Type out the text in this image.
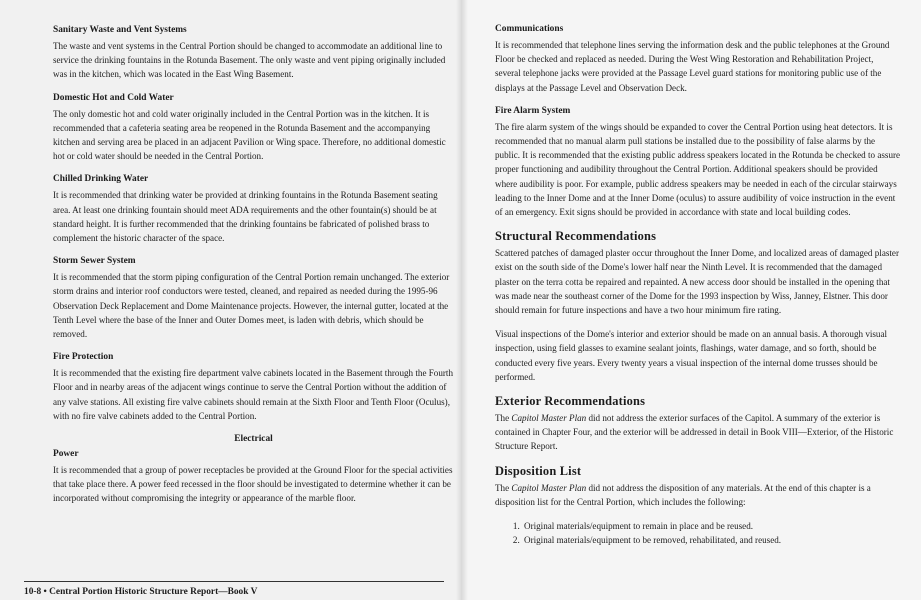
Sanitary Waste and Vent Systems

The waste and vent systems in the Central Portion should be changed to accommodate an additional line to service the drinking fountains in the Rotunda Basement. The only waste and vent piping originally included was in the kitchen, which was located in the East Wing Basement.

Domestic Hot and Cold Water

The only domestic hot and cold water originally included in the Central Portion was in the kitchen. It is recommended that a cafeteria seating area be reopened in the Rotunda Basement and the accompanying kitchen and serving area be placed in an adjacent Pavilion or Wing space. Therefore, no additional domestic hot or cold water should be needed in the Central Portion.

Chilled Drinking Water

It is recommended that drinking water be provided at drinking fountains in the Rotunda Basement seating area. At least one drinking fountain should meet ADA requirements and the other fountain(s) should be at standard height. It is further recommended that the drinking fountains be fabricated of polished brass to complement the historic character of the space.

Storm Sewer System

It is recommended that the storm piping configuration of the Central Portion remain unchanged. The exterior storm drains and interior roof conductors were tested, cleaned, and repaired as needed during the 1995-96 Observation Deck Replacement and Dome Maintenance projects. However, the internal gutter, located at the Tenth Level where the base of the Inner and Outer Domes meet, is laden with debris, which should be removed.

Fire Protection

It is recommended that the existing fire department valve cabinets located in the Basement through the Fourth Floor and in nearby areas of the adjacent wings continue to serve the Central Portion without the addition of any valve stations. All existing fire valve cabinets should remain at the Sixth Floor and Tenth Floor (Oculus), with no fire valve cabinets added to the Central Portion.

Electrical
Power

It is recommended that a group of power receptacles be provided at the Ground Floor for the special activities that take place there. A power feed recessed in the floor should be investigated to determine whether it can be incorporated without compromising the integrity or appearance of the marble floor.

10-8 • Central Portion Historic Structure Report—Book V
Communications

It is recommended that telephone lines serving the information desk and the public telephones at the Ground Floor be checked and replaced as needed. During the West Wing Restoration and Rehabilitation Project, several telephone jacks were provided at the Passage Level guard stations for monitoring public use of the displays at the Passage Level and Observation Deck.

Fire Alarm System

The fire alarm system of the wings should be expanded to cover the Central Portion using heat detectors. It is recommended that no manual alarm pull stations be installed due to the possibility of false alarms by the public. It is recommended that the existing public address speakers located in the Rotunda be checked to assure proper functioning and audibility throughout the Central Portion. Additional speakers should be provided where audibility is poor. For example, public address speakers may be needed in each of the circular stairways leading to the Inner Dome and at the Inner Dome (oculus) to assure audibility of voice instruction in the event of an emergency. Exit signs should be provided in accordance with state and local building codes.

Structural Recommendations

Scattered patches of damaged plaster occur throughout the Inner Dome, and localized areas of damaged plaster exist on the south side of the Dome's lower half near the Ninth Level. It is recommended that the damaged plaster on the terra cotta be repaired and repainted. A new access door should be installed in the opening that was made near the southeast corner of the Dome for the 1993 inspection by Wiss, Janney, Elstner. This door should remain for future inspections and have a two hour minimum fire rating.

Visual inspections of the Dome's interior and exterior should be made on an annual basis. A thorough visual inspection, using field glasses to examine sealant joints, flashings, water damage, and so forth, should be conducted every five years. Every twenty years a visual inspection of the internal dome trusses should be performed.

Exterior Recommendations

The Capitol Master Plan did not address the exterior surfaces of the Capitol. A summary of the exterior is contained in Chapter Four, and the exterior will be addressed in detail in Book VIII—Exterior, of the Historic Structure Report.

Disposition List

The Capitol Master Plan did not address the disposition of any materials. At the end of this chapter is a disposition list for the Central Portion, which includes the following:

1. Original materials/equipment to remain in place and be reused.
2. Original materials/equipment to be removed, rehabilitated, and reused.
